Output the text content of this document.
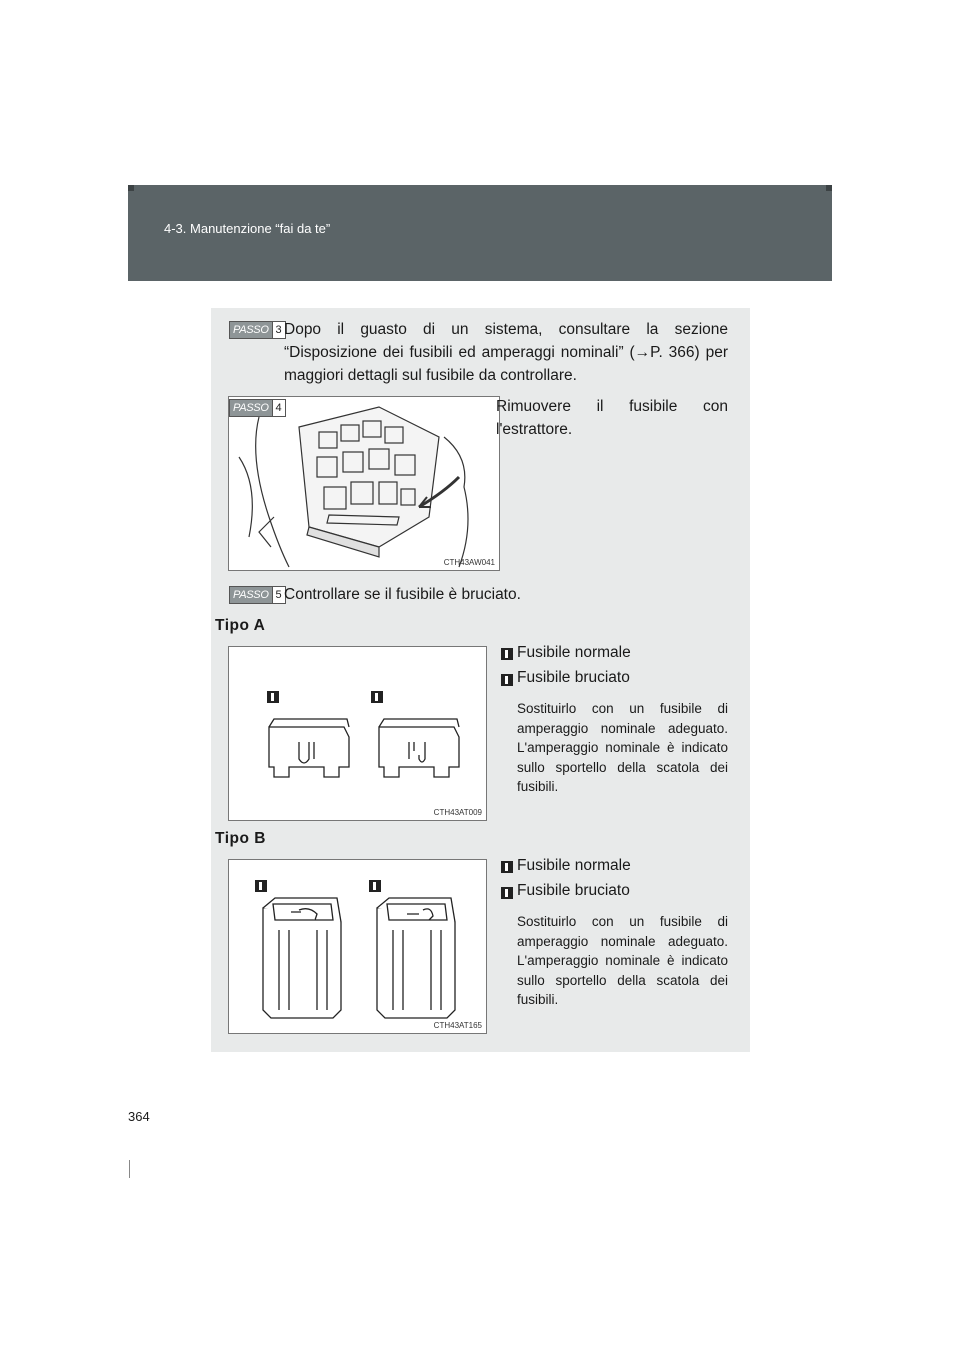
4-3. Manutenzione “fai da te”
PASSO 3 Dopo il guasto di un sistema, consultare la sezione “Disposizione dei fusibili ed amperaggi nominali” (→P. 366) per maggiori dettagli sul fusibile da controllare.
CTH43AW041
PASSO 4	Rimuovere il fusibile con l'estrattore.
PASSO 5 Controllare se il fusibile è bruciato.
Tipo A
CTH43AT009
Fusibile normale
Fusibile bruciato
Sostituirlo con un fusibile di amperaggio nominale adeguato. L'amperaggio nominale è indicato sullo sportello della scatola dei fusibili.
Tipo B
CTH43AT165
Fusibile normale
Fusibile bruciato
Sostituirlo con un fusibile di amperaggio nominale adeguato. L'amperaggio nominale è indicato sullo sportello della scatola dei fusibili.
364
